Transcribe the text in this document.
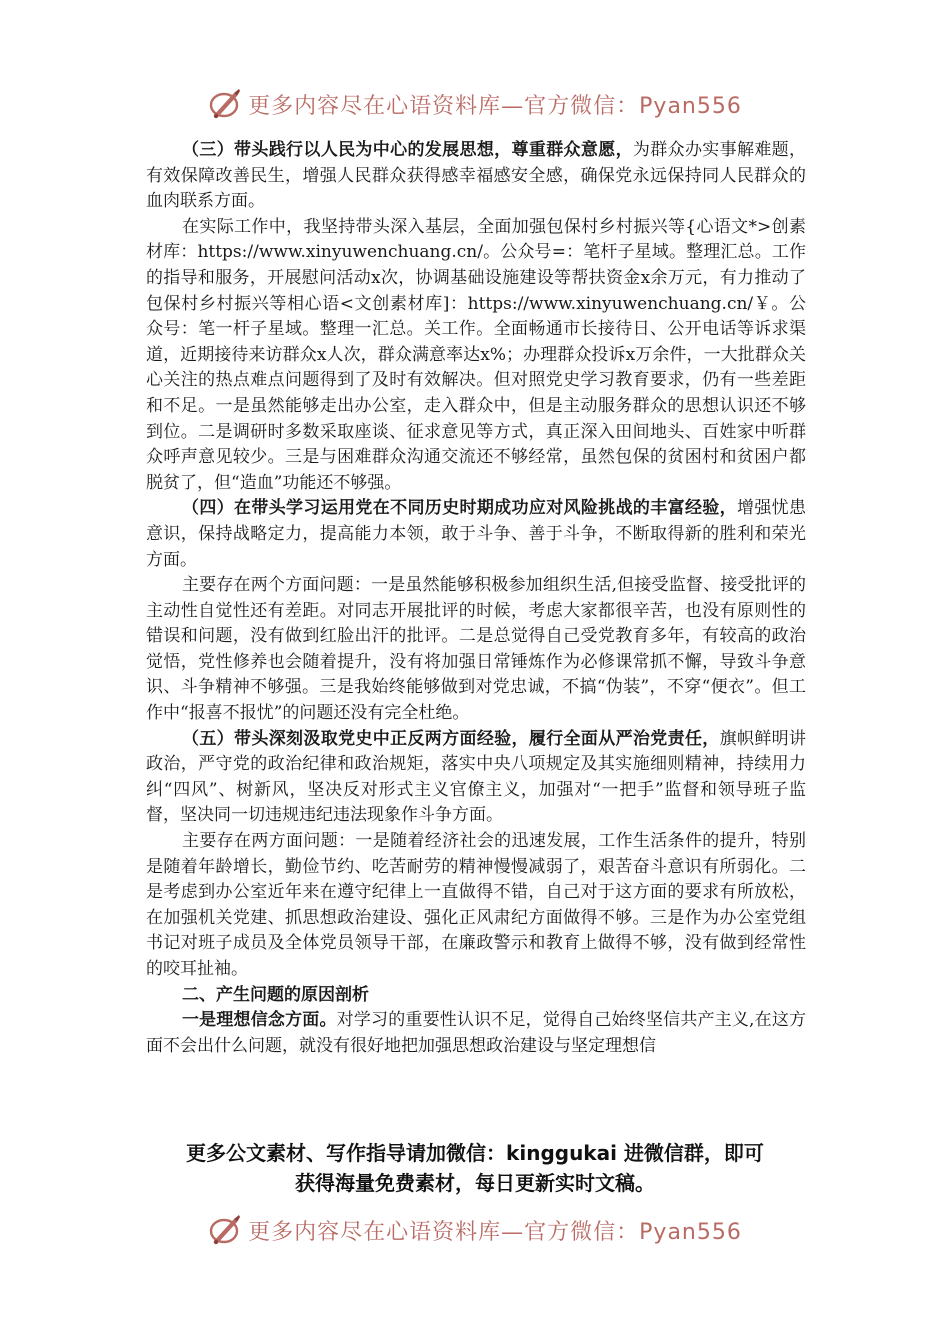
更多内容尽在心语资料库—官方微信：Pyan556

（三）带头践行以人民为中心的发展思想，尊重群众意愿，为群众办实事解难题，有效保障改善民生，增强人民群众获得感幸福感安全感，确保党永远保持同人民群众的血肉联系方面。

在实际工作中，我坚持带头深入基层，全面加强包保村乡村振兴等{心语文*>创素材库：https://www.xinyuwenchuang.cn/。公众号=：笔杆子星域。整理汇总。工作的指导和服务，开展慰问活动x次，协调基础设施建设等帮扶资金x余万元，有力推动了包保村乡村振兴等相心语<文创素材库]：https://www.xinyuwenchuang.cn/￥。公众号：笔一杆子星域。整理一汇总。关工作。全面畅通市长接待日、公开电话等诉求渠道，近期接待来访群众x人次，群众满意率达x%；办理群众投诉x万余件，一大批群众关心关注的热点难点问题得到了及时有效解决。但对照党史学习教育要求，仍有一些差距和不足。一是虽然能够走出办公室，走入群众中，但是主动服务群众的思想认识还不够到位。二是调研时多数采取座谈、征求意见等方式，真正深入田间地头、百姓家中听群众呼声意见较少。三是与困难群众沟通交流还不够经常，虽然包保的贫困村和贫困户都脱贫了，但“造血”功能还不够强。

（四）在带头学习运用党在不同历史时期成功应对风险挑战的丰富经验，增强忧患意识，保持战略定力，提高能力本领，敢于斗争、善于斗争，不断取得新的胜利和荣光方面。

主要存在两个方面问题：一是虽然能够积极参加组织生活,但接受监督、接受批评的主动性自觉性还有差距。对同志开展批评的时候，考虑大家都很辛苦，也没有原则性的错误和问题，没有做到红脸出汗的批评。二是总觉得自己受党教育多年，有较高的政治觉悟，党性修养也会随着提升，没有将加强日常锤炼作为必修课常抓不懈，导致斗争意识、斗争精神不够强。三是我始终能够做到对党忠诚，不搞“伪装”，不穿“便衣”。但工作中“报喜不报忧”的问题还没有完全杜绝。

（五）带头深刻汲取党史中正反两方面经验，履行全面从严治党责任，旗帜鲜明讲政治，严守党的政治纪律和政治规矩，落实中央八项规定及其实施细则精神，持续用力纠“四风”、树新风，坚决反对形式主义官僚主义，加强对“一把手”监督和领导班子监督，坚决同一切违规违纪违法现象作斗争方面。

主要存在两方面问题：一是随着经济社会的迅速发展，工作生活条件的提升，特别是随着年龄增长，勤俭节约、吃苦耐劳的精神慢慢减弱了，艰苦奋斗意识有所弱化。二是考虑到办公室近年来在遵守纪律上一直做得不错，自己对于这方面的要求有所放松，在加强机关党建、抓思想政治建设、强化正风肃纪方面做得不够。三是作为办公室党组书记对班子成员及全体党员领导干部，在廉政警示和教育上做得不够，没有做到经常性的咬耳扯袖。

二、产生问题的原因剖析

一是理想信念方面。对学习的重要性认识不足，觉得自己始终坚信共产主义,在这方面不会出什么问题，就没有很好地把加强思想政治建设与坚定理想信

更多公文素材、写作指导请加微信：kinggukai 进微信群，即可
获得海量免费素材，每日更新实时文稿。
更多内容尽在心语资料库—官方微信：Pyan556
